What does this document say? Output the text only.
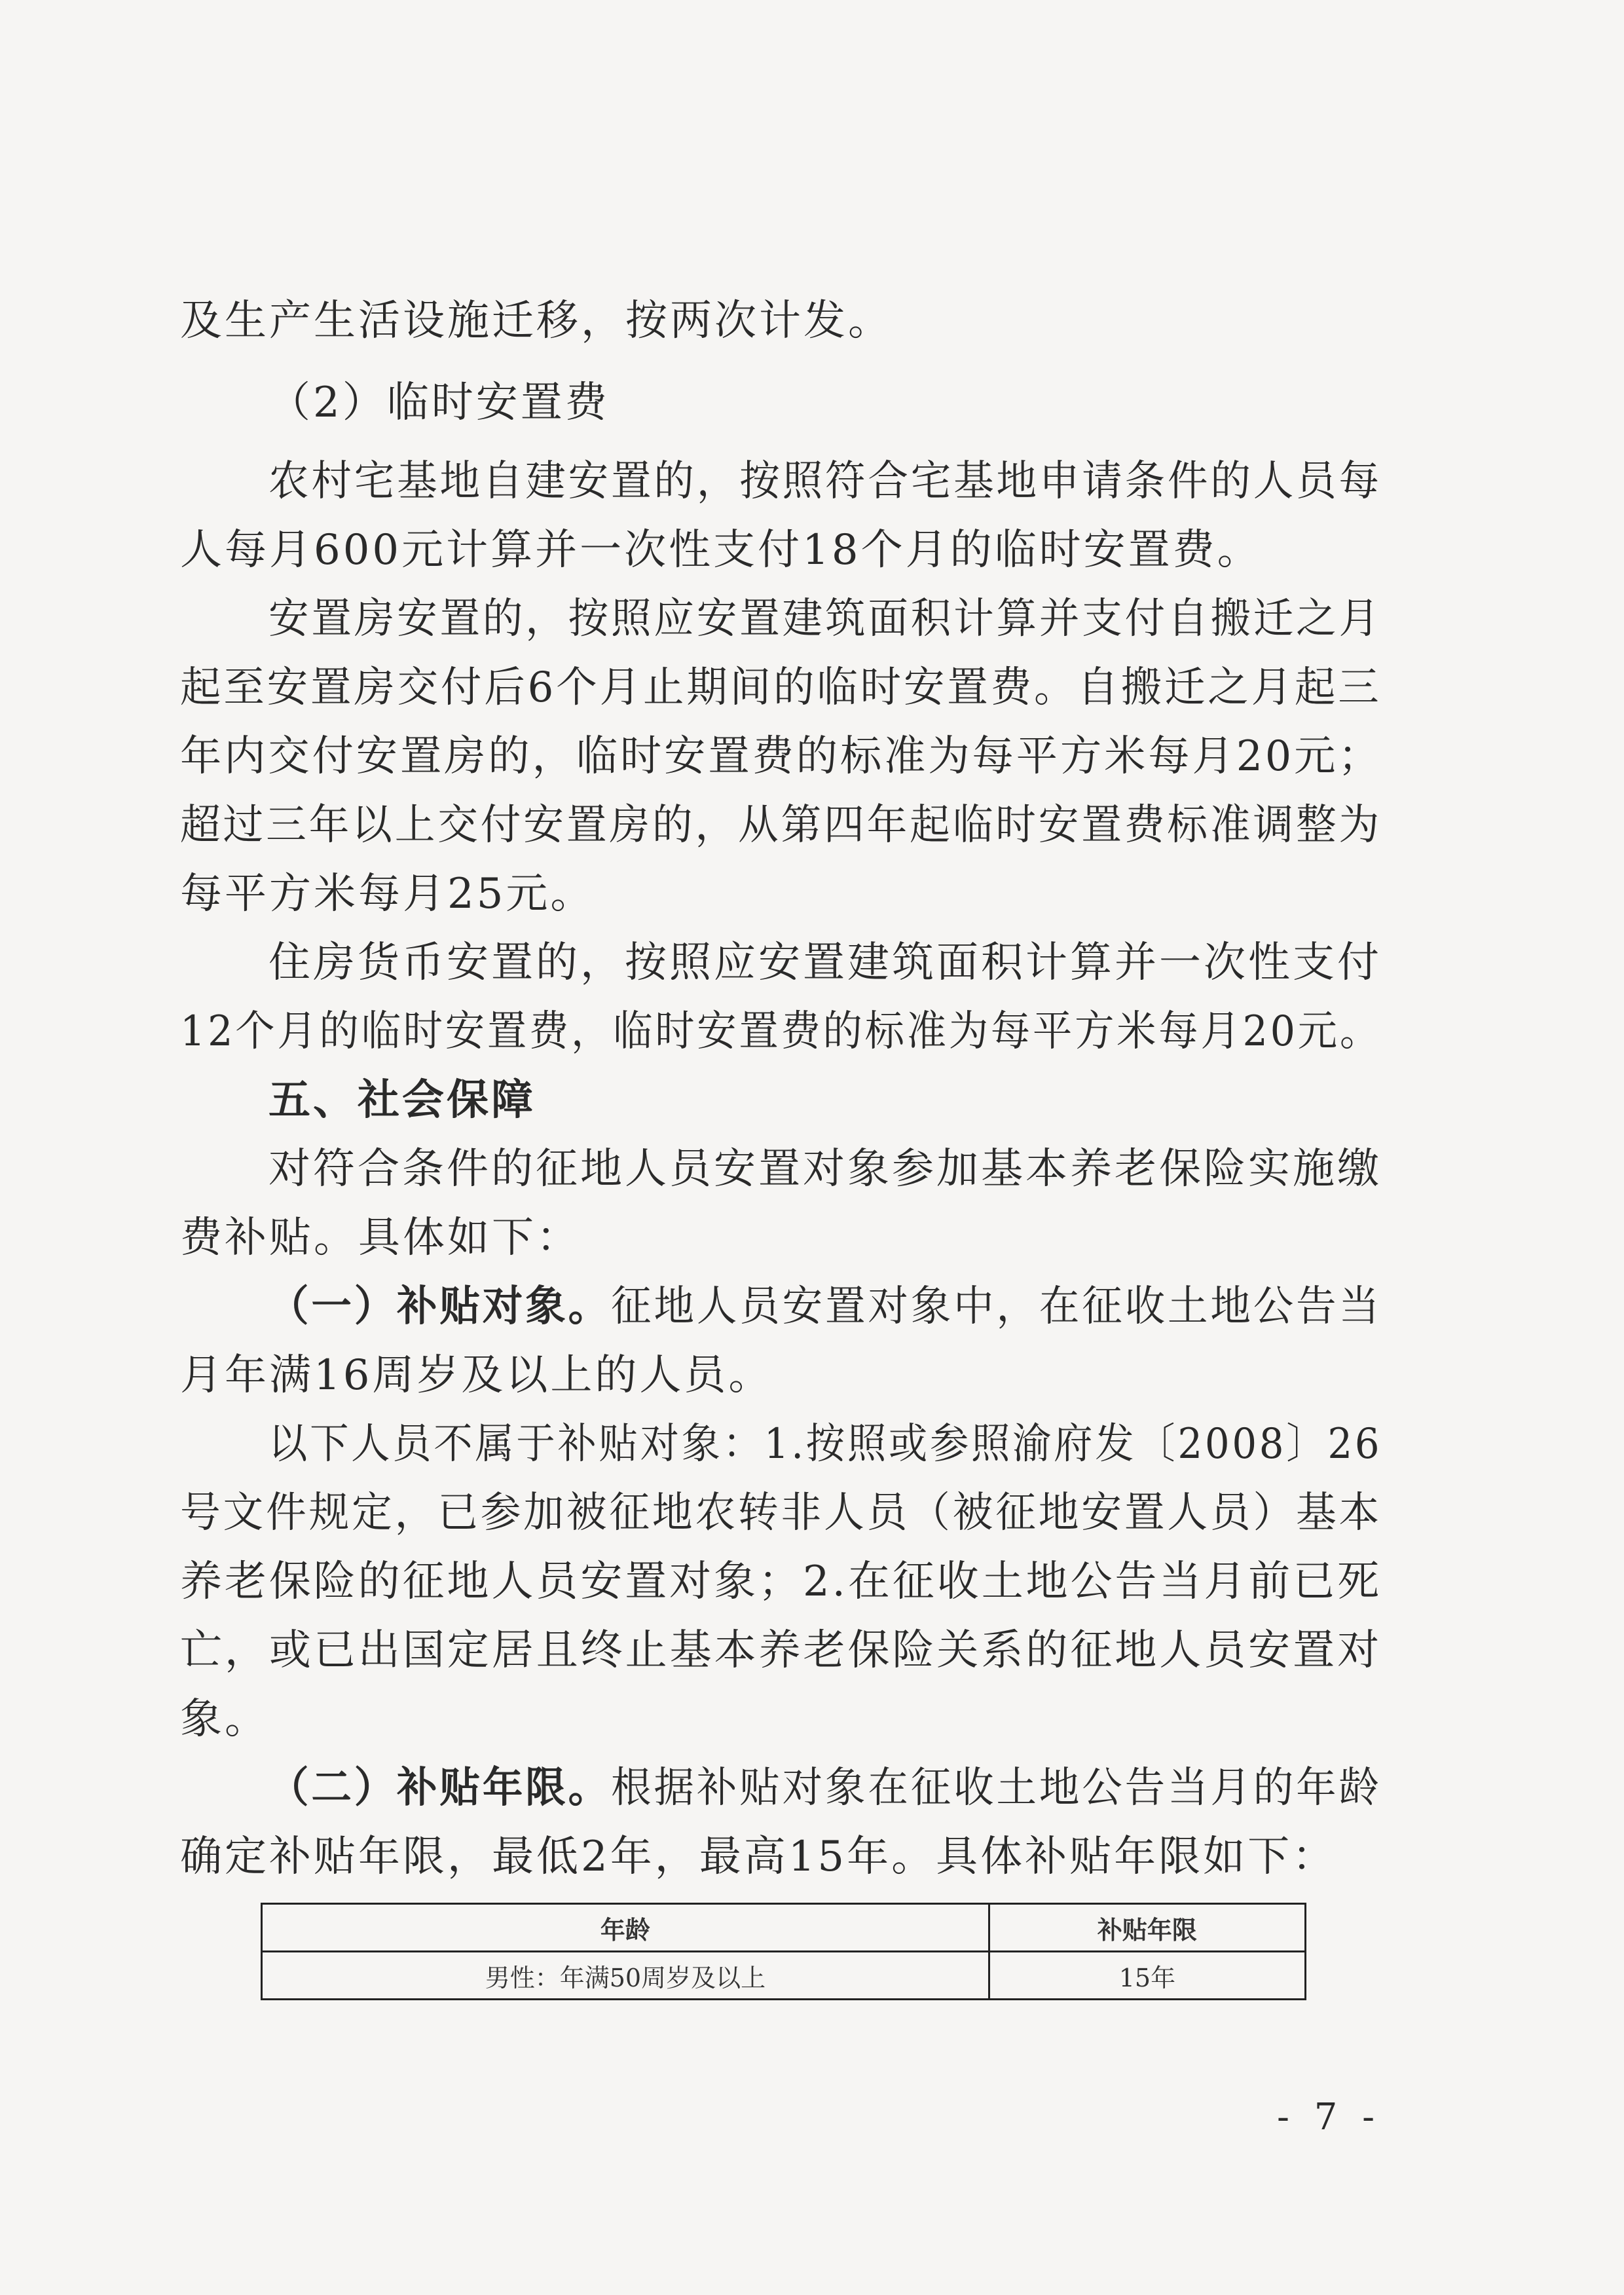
及生产生活设施迁移，按两次计发。
（2）临时安置费
农村宅基地自建安置的，按照符合宅基地申请条件的人员每
人每月600元计算并一次性支付18个月的临时安置费。
安置房安置的，按照应安置建筑面积计算并支付自搬迁之月
起至安置房交付后6个月止期间的临时安置费。自搬迁之月起三
年内交付安置房的，临时安置费的标准为每平方米每月20元；
超过三年以上交付安置房的，从第四年起临时安置费标准调整为
每平方米每月25元。
住房货币安置的，按照应安置建筑面积计算并一次性支付
12个月的临时安置费，临时安置费的标准为每平方米每月20元。
五、社会保障
对符合条件的征地人员安置对象参加基本养老保险实施缴
费补贴。具体如下：
（一）补贴对象。征地人员安置对象中，在征收土地公告当
月年满16周岁及以上的人员。
以下人员不属于补贴对象：1.按照或参照渝府发〔2008〕26
号文件规定，已参加被征地农转非人员（被征地安置人员）基本
养老保险的征地人员安置对象；2.在征收土地公告当月前已死
亡，或已出国定居且终止基本养老保险关系的征地人员安置对
象。
（二）补贴年限。根据补贴对象在征收土地公告当月的年龄
确定补贴年限，最低2年，最高15年。具体补贴年限如下：
年龄	补贴年限
男性：年满50周岁及以上	15年
- 7 -
